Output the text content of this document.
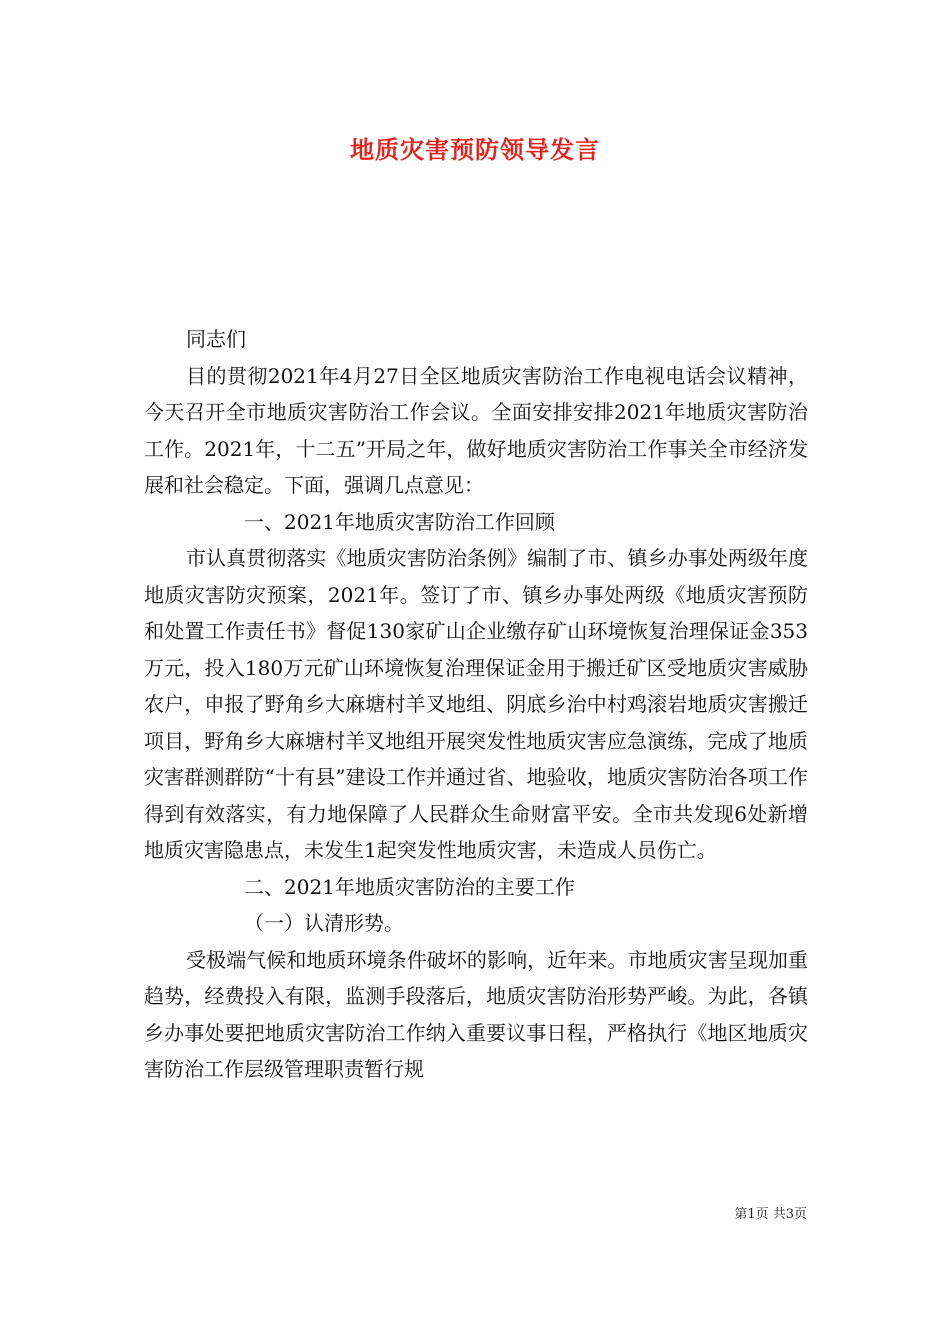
地质灾害预防领导发言

同志们

目的贯彻2021年4月27日全区地质灾害防治工作电视电话会议精神，今天召开全市地质灾害防治工作会议。全面安排安排2021年地质灾害防治工作。2021年，十二五”开局之年，做好地质灾害防治工作事关全市经济发展和社会稳定。下面，强调几点意见：

一、2021年地质灾害防治工作回顾

市认真贯彻落实《地质灾害防治条例》编制了市、镇乡办事处两级年度地质灾害防灾预案，2021年。签订了市、镇乡办事处两级《地质灾害预防和处置工作责任书》督促130家矿山企业缴存矿山环境恢复治理保证金353万元，投入180万元矿山环境恢复治理保证金用于搬迁矿区受地质灾害威胁农户，申报了野角乡大麻塘村羊叉地组、阴底乡治中村鸡滚岩地质灾害搬迁项目，野角乡大麻塘村羊叉地组开展突发性地质灾害应急演练，完成了地质灾害群测群防“十有县”建设工作并通过省、地验收，地质灾害防治各项工作得到有效落实，有力地保障了人民群众生命财富平安。全市共发现6处新增地质灾害隐患点，未发生1起突发性地质灾害，未造成人员伤亡。

二、2021年地质灾害防治的主要工作

（一）认清形势。

受极端气候和地质环境条件破坏的影响，近年来。市地质灾害呈现加重趋势，经费投入有限，监测手段落后，地质灾害防治形势严峻。为此，各镇乡办事处要把地质灾害防治工作纳入重要议事日程，严格执行《地区地质灾害防治工作层级管理职责暂行规

第1页 共3页
